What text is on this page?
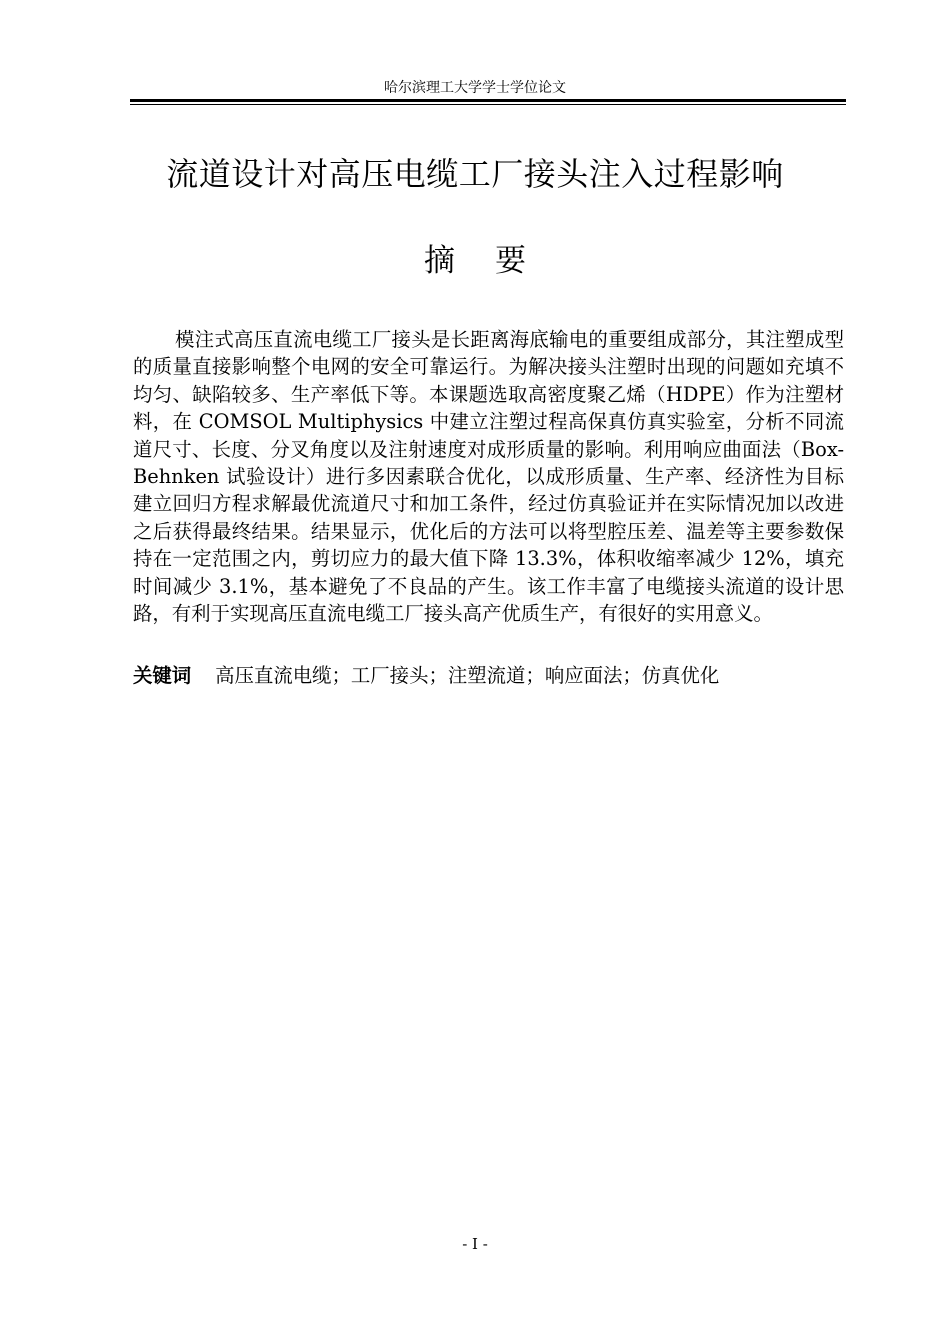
哈尔滨理工大学学士学位论文
流道设计对高压电缆工厂接头注入过程影响
摘要

模注式高压直流电缆工厂接头是长距离海底输电的重要组成部分，其注塑成型的质量直接影响整个电网的安全可靠运行。为解决接头注塑时出现的问题如充填不均匀、缺陷较多、生产率低下等。本课题选取高密度聚乙烯（HDPE）作为注塑材料，在 COMSOL Multiphysics 中建立注塑过程高保真仿真实验室，分析不同流道尺寸、长度、分叉角度以及注射速度对成形质量的影响。利用响应曲面法（Box-Behnken 试验设计）进行多因素联合优化，以成形质量、生产率、经济性为目标建立回归方程求解最优流道尺寸和加工条件，经过仿真验证并在实际情况加以改进之后获得最终结果。结果显示，优化后的方法可以将型腔压差、温差等主要参数保持在一定范围之内，剪切应力的最大值下降 13.3%，体积收缩率减少 12%，填充时间减少 3.1%，基本避免了不良品的产生。该工作丰富了电缆接头流道的设计思路，有利于实现高压直流电缆工厂接头高产优质生产，有很好的实用意义。

关键词 高压直流电缆；工厂接头；注塑流道；响应面法；仿真优化
- I -
